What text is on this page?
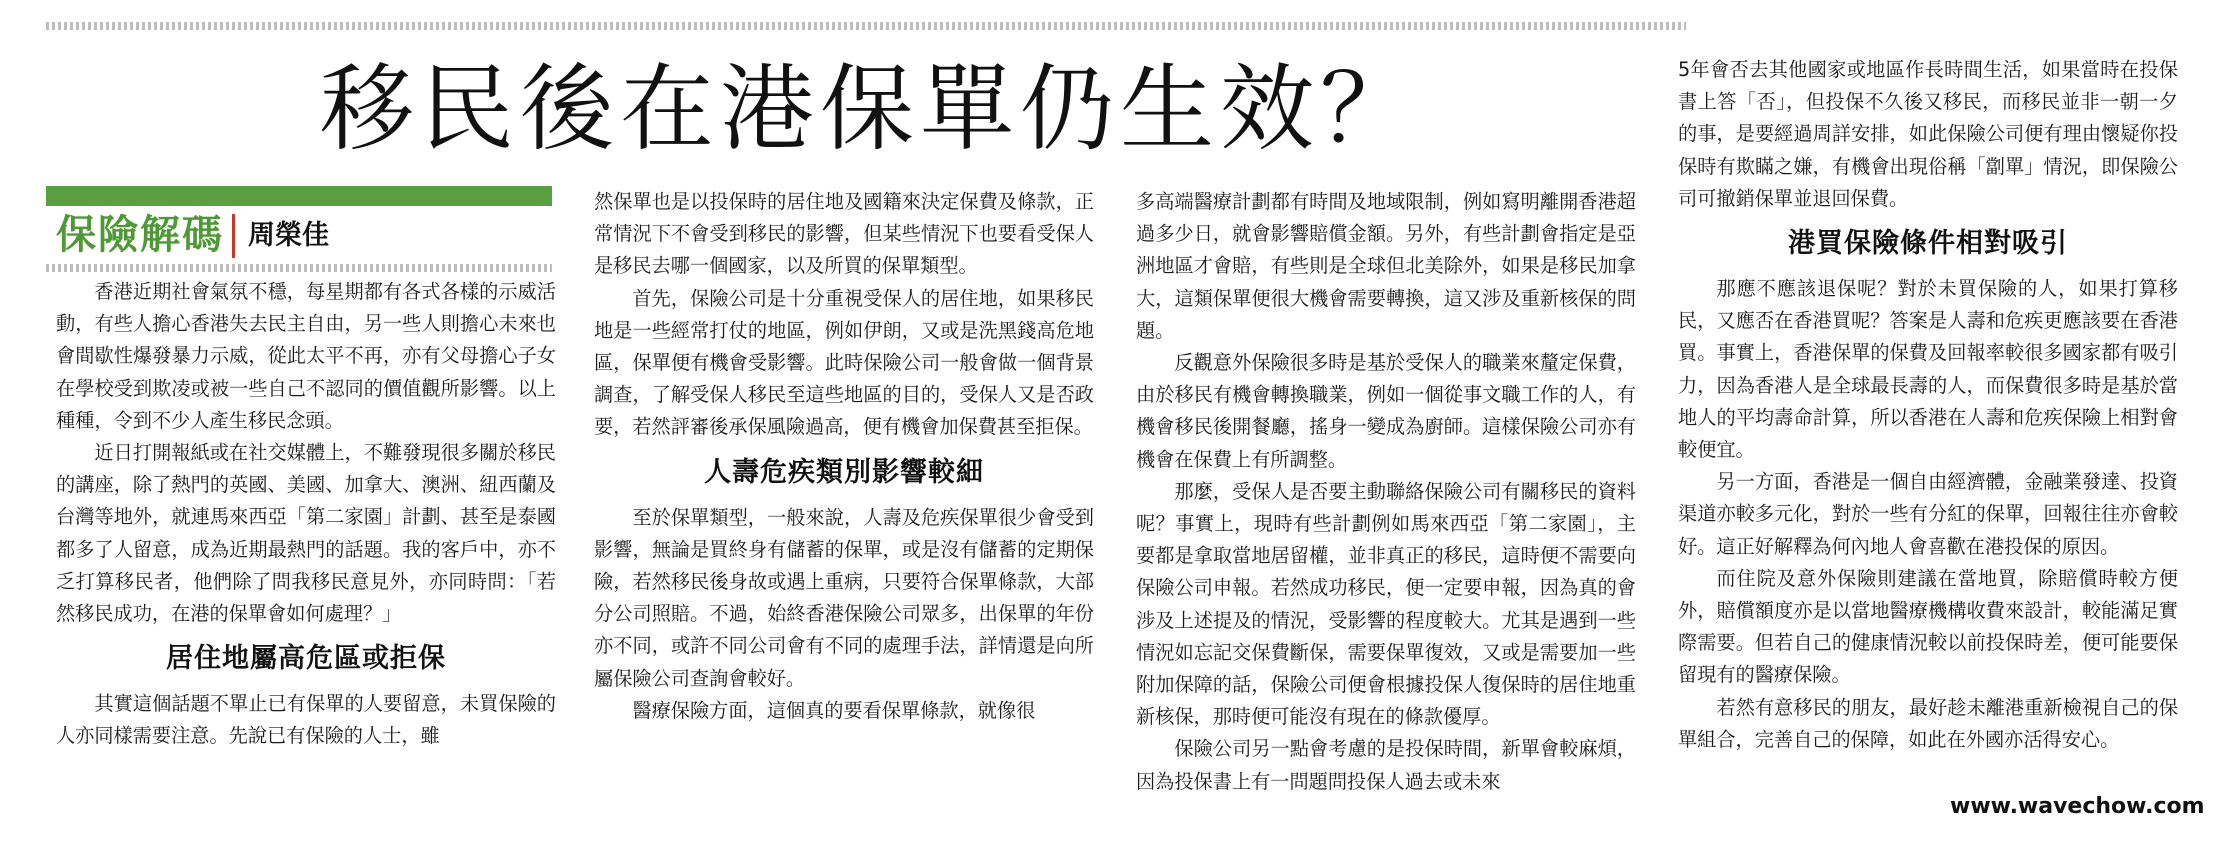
移民後在港保單仍生效？
保險解碼 周榮佳

香港近期社會氣氛不穩，每星期都有各式各樣的示威活動，有些人擔心香港失去民主自由，另一些人則擔心未來也會間歇性爆發暴力示威，從此太平不再，亦有父母擔心子女在學校受到欺凌或被一些自己不認同的價值觀所影響。以上種種，令到不少人產生移民念頭。

近日打開報紙或在社交媒體上，不難發現很多關於移民的講座，除了熱門的英國、美國、加拿大、澳洲、紐西蘭及台灣等地外，就連馬來西亞「第二家園」計劃、甚至是泰國都多了人留意，成為近期最熱門的話題。我的客戶中，亦不乏打算移民者，他們除了問我移民意見外，亦同時問：「若然移民成功，在港的保單會如何處理？」

居住地屬高危區或拒保

其實這個話題不單止已有保單的人要留意，未買保險的人亦同樣需要注意。先說已有保險的人士，雖

然保單也是以投保時的居住地及國籍來決定保費及條款，正常情況下不會受到移民的影響，但某些情況下也要看受保人是移民去哪一個國家，以及所買的保單類型。

首先，保險公司是十分重視受保人的居住地，如果移民地是一些經常打仗的地區，例如伊朗，又或是洗黑錢高危地區，保單便有機會受影響。此時保險公司一般會做一個背景調查，了解受保人移民至這些地區的目的，受保人又是否政要，若然評審後承保風險過高，便有機會加保費甚至拒保。

人壽危疾類別影響較細

至於保單類型，一般來說，人壽及危疾保單很少會受到影響，無論是買終身有儲蓄的保單，或是沒有儲蓄的定期保險，若然移民後身故或遇上重病，只要符合保單條款，大部分公司照賠。不過，始終香港保險公司眾多，出保單的年份亦不同，或許不同公司會有不同的處理手法，詳情還是向所屬保險公司查詢會較好。

醫療保險方面，這個真的要看保單條款，就像很

多高端醫療計劃都有時間及地域限制，例如寫明離開香港超過多少日，就會影響賠償金額。另外，有些計劃會指定是亞洲地區才會賠，有些則是全球但北美除外，如果是移民加拿大，這類保單便很大機會需要轉換，這又涉及重新核保的問題。

反觀意外保險很多時是基於受保人的職業來釐定保費，由於移民有機會轉換職業，例如一個從事文職工作的人，有機會移民後開餐廳，搖身一變成為廚師。這樣保險公司亦有機會在保費上有所調整。

那麼，受保人是否要主動聯絡保險公司有關移民的資料呢？事實上，現時有些計劃例如馬來西亞「第二家園」，主要都是拿取當地居留權，並非真正的移民，這時便不需要向保險公司申報。若然成功移民，便一定要申報，因為真的會涉及上述提及的情況，受影響的程度較大。尤其是遇到一些情況如忘記交保費斷保，需要保單復效，又或是需要加一些附加保障的話，保險公司便會根據投保人復保時的居住地重新核保，那時便可能沒有現在的條款優厚。

保險公司另一點會考慮的是投保時間，新單會較麻煩，因為投保書上有一問題問投保人過去或未來

5年會否去其他國家或地區作長時間生活，如果當時在投保書上答「否」，但投保不久後又移民，而移民並非一朝一夕的事，是要經過周詳安排，如此保險公司便有理由懷疑你投保時有欺瞞之嫌，有機會出現俗稱「劏單」情況，即保險公司可撤銷保單並退回保費。

港買保險條件相對吸引

那應不應該退保呢？對於未買保險的人，如果打算移民，又應否在香港買呢？答案是人壽和危疾更應該要在香港買。事實上，香港保單的保費及回報率較很多國家都有吸引力，因為香港人是全球最長壽的人，而保費很多時是基於當地人的平均壽命計算，所以香港在人壽和危疾保險上相對會較便宜。

另一方面，香港是一個自由經濟體，金融業發達、投資渠道亦較多元化，對於一些有分紅的保單，回報往往亦會較好。這正好解釋為何內地人會喜歡在港投保的原因。

而住院及意外保險則建議在當地買，除賠償時較方便外，賠償額度亦是以當地醫療機構收費來設計，較能滿足實際需要。但若自己的健康情況較以前投保時差，便可能要保留現有的醫療保險。

若然有意移民的朋友，最好趁未離港重新檢視自己的保單組合，完善自己的保障，如此在外國亦活得安心。

www.wavechow.com
